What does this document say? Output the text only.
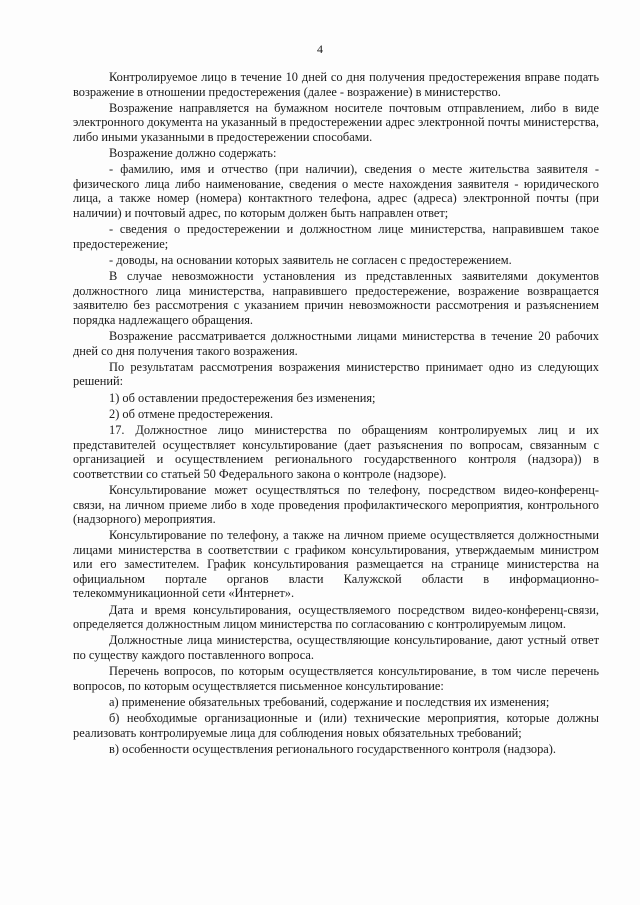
4

Контролируемое лицо в течение 10 дней со дня получения предостережения вправе подать возражение в отношении предостережения (далее - возражение) в министерство.

Возражение направляется на бумажном носителе почтовым отправлением, либо в виде электронного документа на указанный в предостережении адрес электронной почты министерства, либо иными указанными в предостережении способами.

Возражение должно содержать:

- фамилию, имя и отчество (при наличии), сведения о месте жительства заявителя - физического лица либо наименование, сведения о месте нахождения заявителя - юридического лица, а также номер (номера) контактного телефона, адрес (адреса) электронной почты (при наличии) и почтовый адрес, по которым должен быть направлен ответ;

- сведения о предостережении и должностном лице министерства, направившем такое предостережение;

- доводы, на основании которых заявитель не согласен с предостережением.

В случае невозможности установления из представленных заявителями документов должностного лица министерства, направившего предостережение, возражение возвращается заявителю без рассмотрения с указанием причин невозможности рассмотрения и разъяснением порядка надлежащего обращения.

Возражение рассматривается должностными лицами министерства в течение 20 рабочих дней со дня получения такого возражения.

По результатам рассмотрения возражения министерство принимает одно из следующих решений:

1) об оставлении предостережения без изменения;

2) об отмене предостережения.

17. Должностное лицо министерства по обращениям контролируемых лиц и их представителей осуществляет консультирование (дает разъяснения по вопросам, связанным с организацией и осуществлением регионального государственного контроля (надзора)) в соответствии со статьей 50 Федерального закона о контроле (надзоре).

Консультирование может осуществляться по телефону, посредством видео-конференц-связи, на личном приеме либо в ходе проведения профилактического мероприятия, контрольного (надзорного) мероприятия.

Консультирование по телефону, а также на личном приеме осуществляется должностными лицами министерства в соответствии с графиком консультирования, утверждаемым министром или его заместителем. График консультирования размещается на странице министерства на официальном портале органов власти Калужской области в информационно-телекоммуникационной сети «Интернет».

Дата и время консультирования, осуществляемого посредством видео-конференц-связи, определяется должностным лицом министерства по согласованию с контролируемым лицом.

Должностные лица министерства, осуществляющие консультирование, дают устный ответ по существу каждого поставленного вопроса.

Перечень вопросов, по которым осуществляется консультирование, в том числе перечень вопросов, по которым осуществляется письменное консультирование:

а) применение обязательных требований, содержание и последствия их изменения;

б) необходимые организационные и (или) технические мероприятия, которые должны реализовать контролируемые лица для соблюдения новых обязательных требований;

в) особенности осуществления регионального государственного контроля (надзора).
